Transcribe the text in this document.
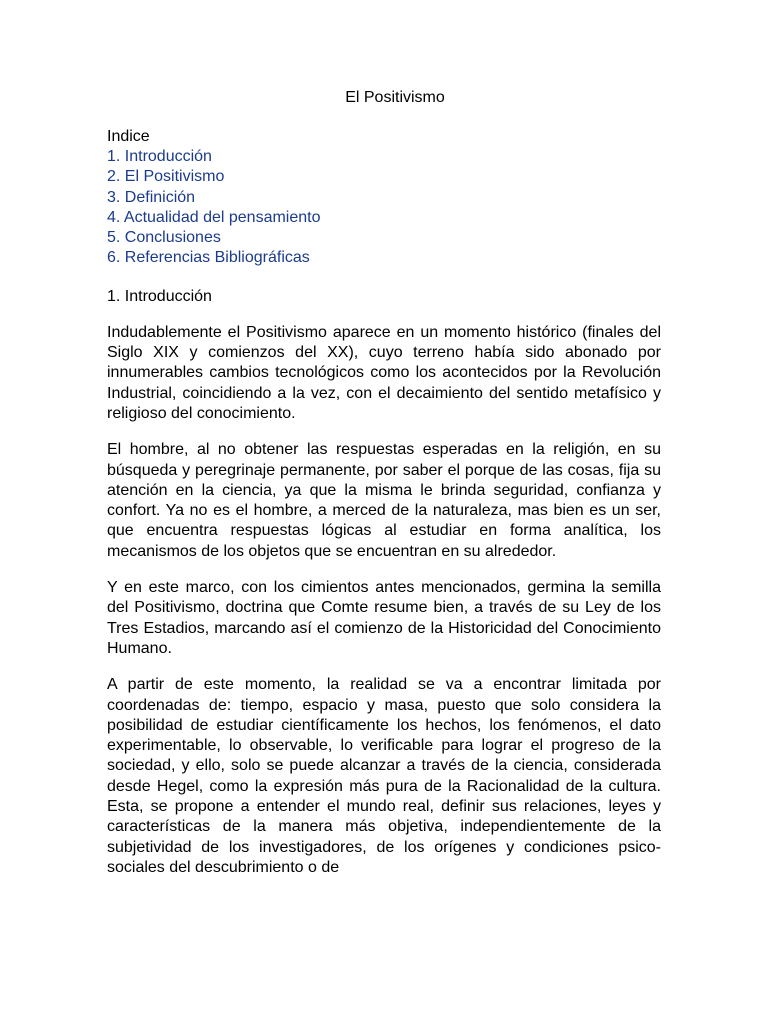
El Positivismo
Indice
1. Introducción
2. El Positivismo
3. Definición
4. Actualidad del pensamiento
5. Conclusiones
6. Referencias Bibliográficas
1. Introducción

Indudablemente el Positivismo aparece en un momento histórico (finales del Siglo XIX y comienzos del XX), cuyo terreno había sido abonado por innumerables cambios tecnológicos como los acontecidos por la Revolución Industrial, coincidiendo a la vez, con el decaimiento del sentido metafísico y religioso del conocimiento.

El hombre, al no obtener las respuestas esperadas en la religión, en su búsqueda y peregrinaje permanente, por saber el porque de las cosas, fija su atención en la ciencia, ya que la misma le brinda seguridad, confianza y confort. Ya no es el hombre, a merced de la naturaleza, mas bien es un ser, que encuentra respuestas lógicas al estudiar en forma analítica, los mecanismos de los objetos que se encuentran en su alrededor.

Y en este marco, con los cimientos antes mencionados, germina la semilla del Positivismo, doctrina que Comte resume bien, a través de su Ley de los Tres Estadios, marcando así el comienzo de la Historicidad del Conocimiento Humano.

A partir de este momento, la realidad se va a encontrar limitada por coordenadas de: tiempo, espacio y masa, puesto que solo considera la posibilidad de estudiar científicamente los hechos, los fenómenos, el dato experimentable, lo observable, lo verificable para lograr el progreso de la sociedad, y ello, solo se puede alcanzar a través de la ciencia, considerada desde Hegel, como la expresión más pura de la Racionalidad de la cultura. Esta, se propone a entender el mundo real, definir sus relaciones, leyes y características de la manera más objetiva, independientemente de la subjetividad de los investigadores, de los orígenes y condiciones psico-sociales del descubrimiento o de
